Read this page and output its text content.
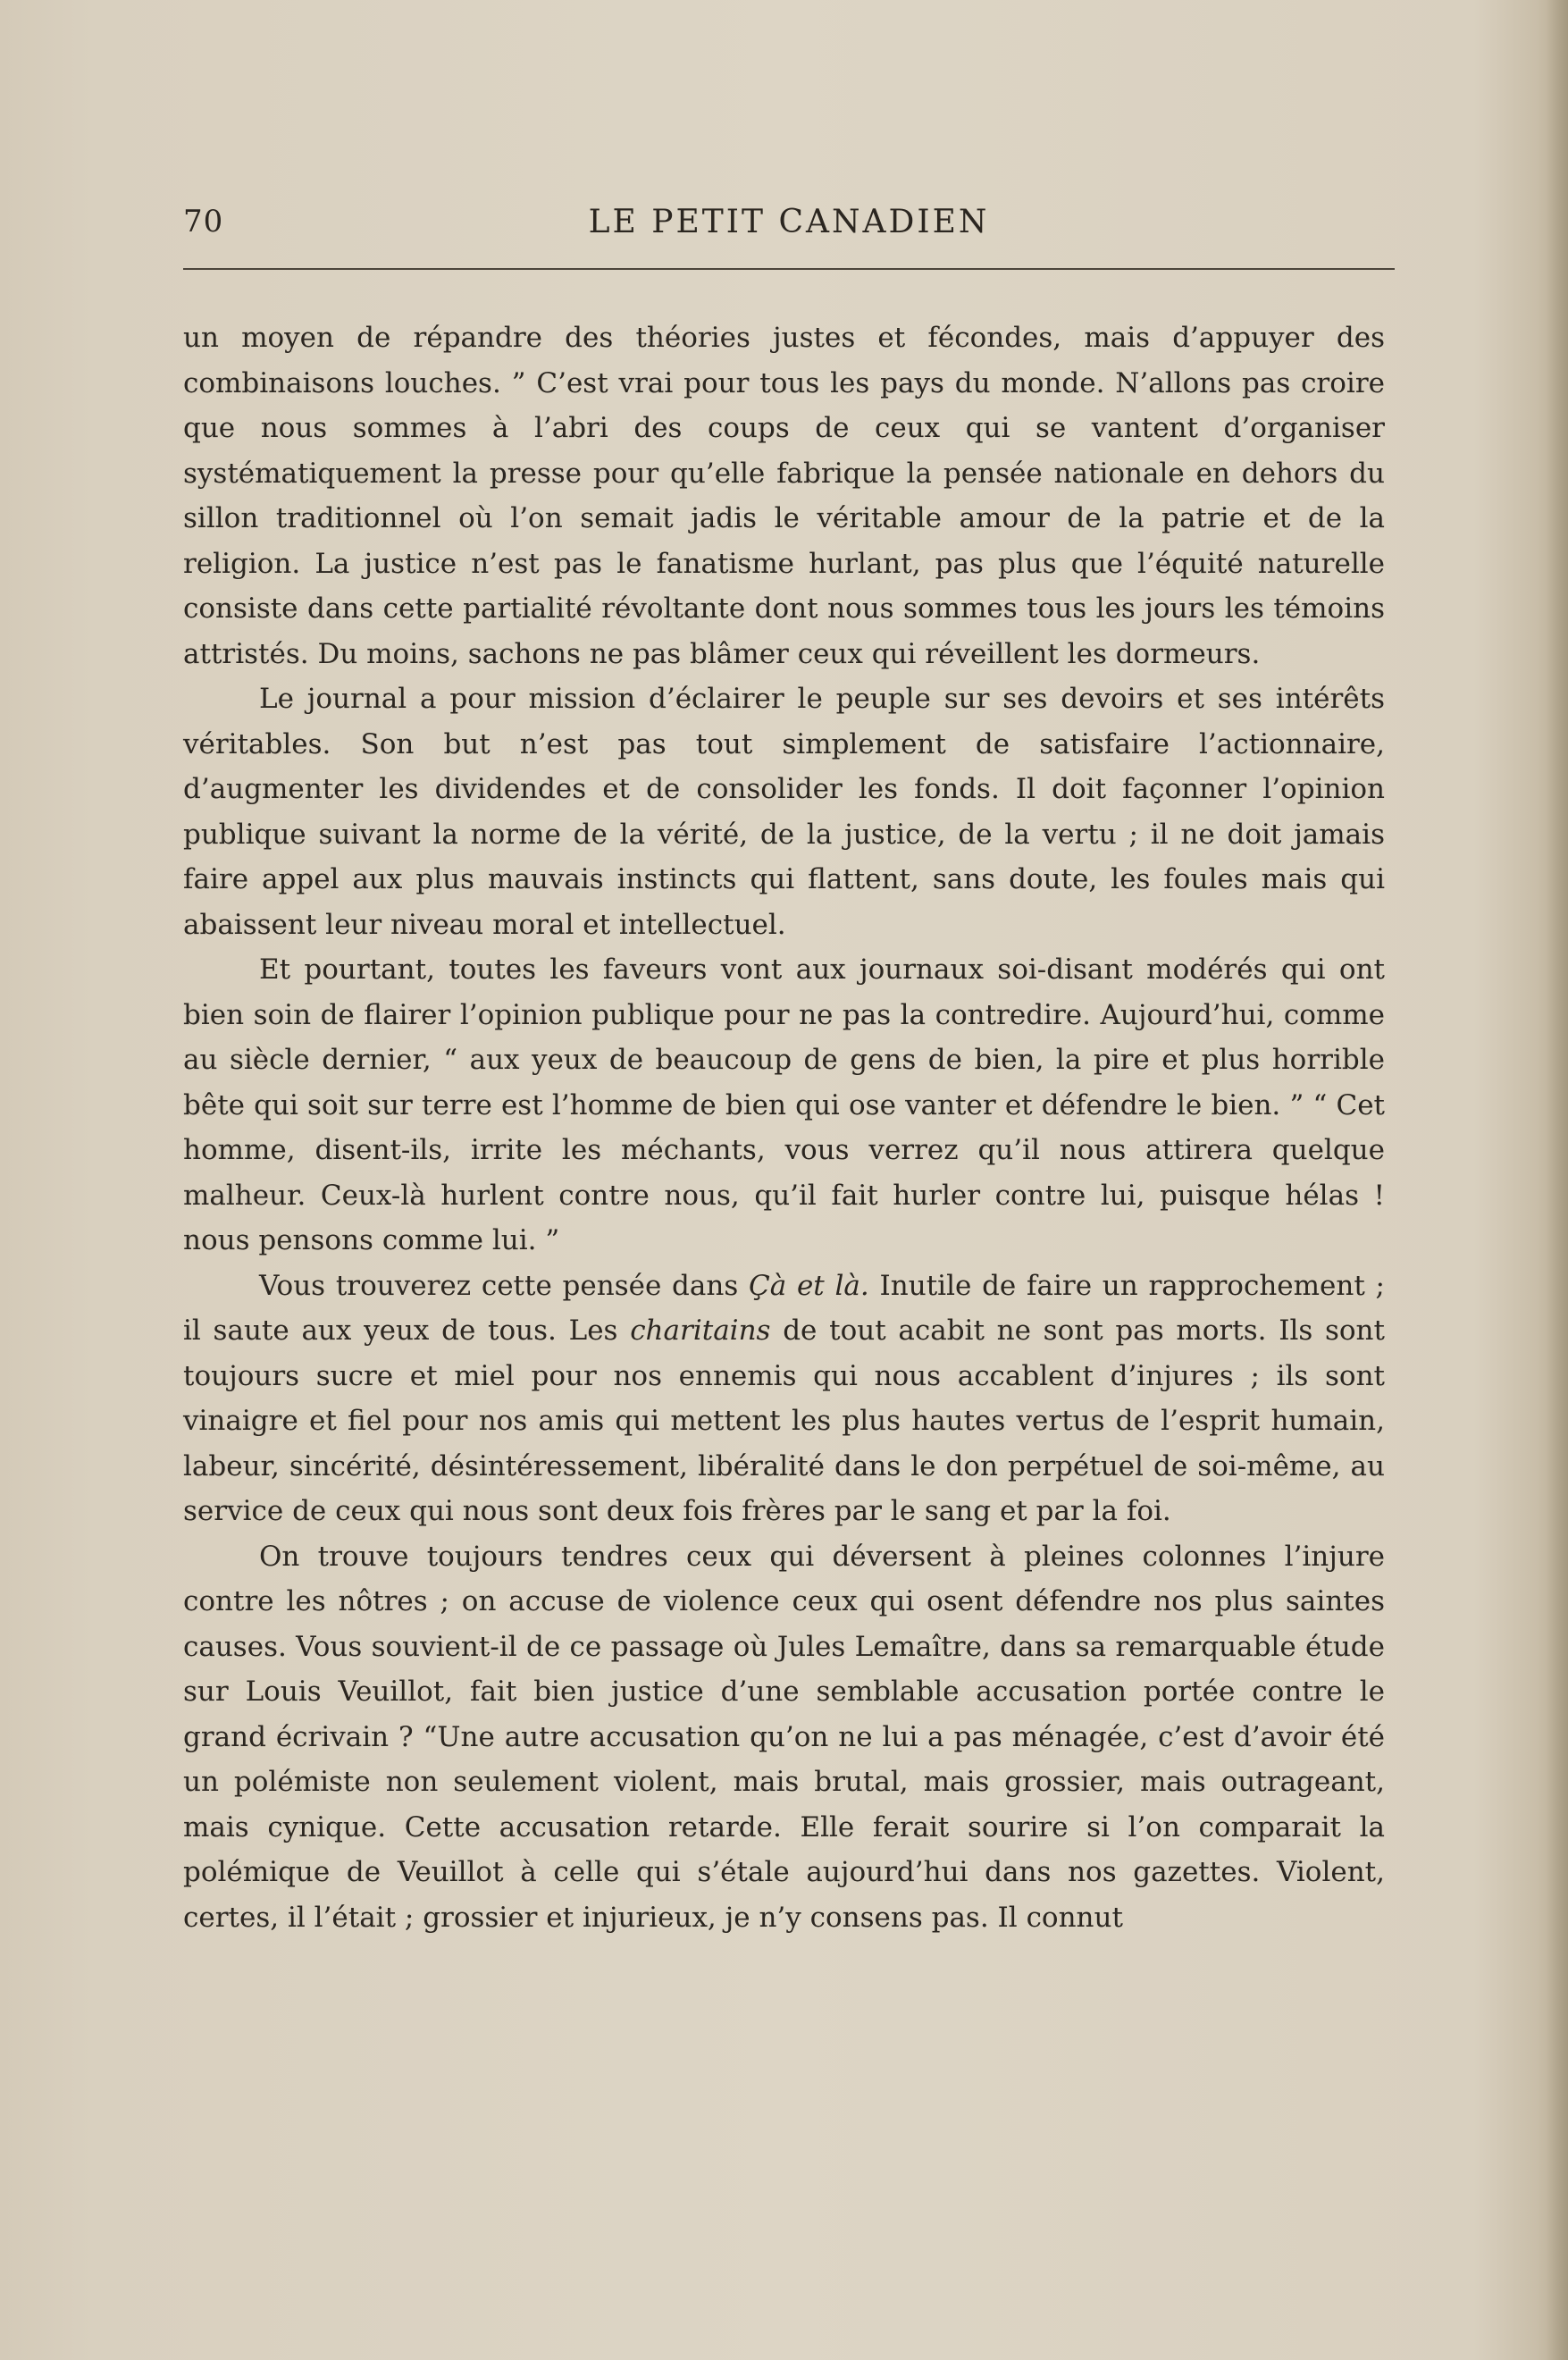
70	LE PETIT CANADIEN

un moyen de répandre des théories justes et fécondes, mais d’appuyer des combinaisons louches. ” C’est vrai pour tous les pays du monde. N’allons pas croire que nous sommes à l’abri des coups de ceux qui se vantent d’organiser systématiquement la presse pour qu’elle fabrique la pensée nationale en dehors du sillon traditionnel où l’on semait jadis le véritable amour de la patrie et de la religion. La justice n’est pas le fanatisme hurlant, pas plus que l’équité naturelle consiste dans cette partialité révoltante dont nous sommes tous les jours les témoins attristés. Du moins, sachons ne pas blâmer ceux qui réveillent les dormeurs.

Le journal a pour mission d’éclairer le peuple sur ses devoirs et ses intérêts véritables. Son but n’est pas tout simplement de satisfaire l’actionnaire, d’augmenter les dividendes et de consolider les fonds. Il doit façonner l’opinion publique suivant la norme de la vérité, de la justice, de la vertu ; il ne doit jamais faire appel aux plus mauvais instincts qui flattent, sans doute, les foules mais qui abaissent leur niveau moral et intellectuel.

Et pourtant, toutes les faveurs vont aux journaux soi-disant modérés qui ont bien soin de flairer l’opinion publique pour ne pas la contredire. Aujourd’hui, comme au siècle dernier, “ aux yeux de beaucoup de gens de bien, la pire et plus horrible bête qui soit sur terre est l’homme de bien qui ose vanter et défendre le bien. ” “ Cet homme, disent-ils, irrite les méchants, vous verrez qu’il nous attirera quelque malheur. Ceux-là hurlent contre nous, qu’il fait hurler contre lui, puisque hélas ! nous pensons comme lui. ”

Vous trouverez cette pensée dans Çà et là. Inutile de faire un rapprochement ; il saute aux yeux de tous. Les charitains de tout acabit ne sont pas morts. Ils sont toujours sucre et miel pour nos ennemis qui nous accablent d’injures ; ils sont vinaigre et fiel pour nos amis qui mettent les plus hautes vertus de l’esprit humain, labeur, sincérité, désintéressement, libéralité dans le don perpétuel de soi-même, au service de ceux qui nous sont deux fois frères par le sang et par la foi.

On trouve toujours tendres ceux qui déversent à pleines colonnes l’injure contre les nôtres ; on accuse de violence ceux qui osent défendre nos plus saintes causes. Vous souvient-il de ce passage où Jules Lemaître, dans sa remarquable étude sur Louis Veuillot, fait bien justice d’une semblable accusation portée contre le grand écrivain ? “Une autre accusation qu’on ne lui a pas ménagée, c’est d’avoir été un polémiste non seulement violent, mais brutal, mais grossier, mais outrageant, mais cynique. Cette accusation retarde. Elle ferait sourire si l’on comparait la polémique de Veuillot à celle qui s’étale aujourd’hui dans nos gazettes. Violent, certes, il l’était ; grossier et injurieux, je n’y consens pas. Il connut
